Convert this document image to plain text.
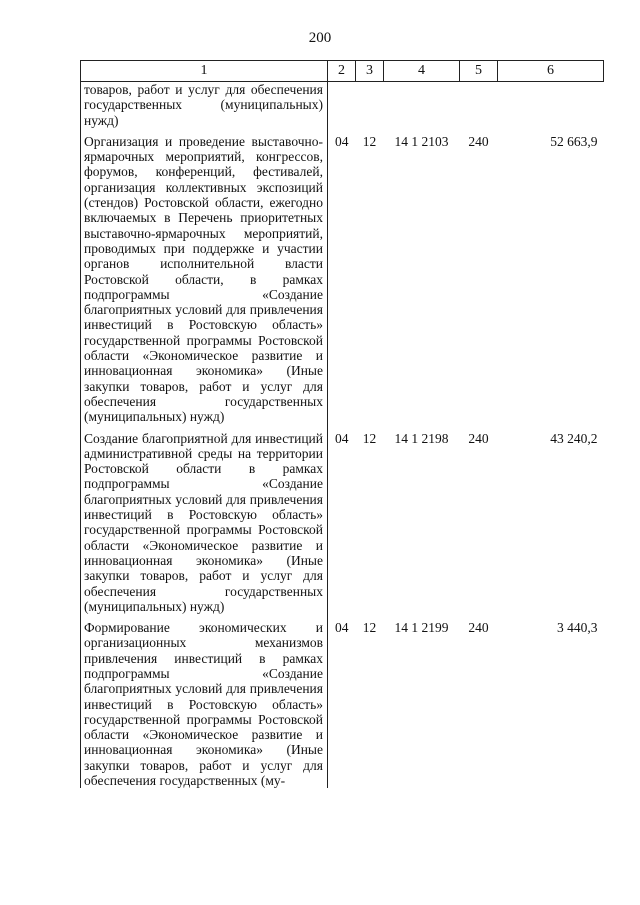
200
1	2	3	4	5	6
товаров, работ и услуг для обеспечения государственных (муниципальных) нужд)					
Организация и проведение выставочно-ярмарочных мероприятий, конгрессов, форумов, конференций, фестивалей, организация коллективных экспозиций (стендов) Ростовской области, ежегодно включаемых в Перечень приоритетных выставочно-ярмарочных мероприятий, проводимых при поддержке и участии органов исполнительной власти Ростовской области, в рамках подпрограммы «Создание благоприятных условий для привлечения инвестиций в Ростовскую область» государственной программы Ростовской области «Экономическое развитие и инновационная экономика» (Иные закупки товаров, работ и услуг для обеспечения государственных (муниципальных) нужд)	04	12	14 1 2103	240	52 663,9
Создание благоприятной для инвестиций административной среды на территории Ростовской области в рамках подпрограммы «Создание благоприятных условий для привлечения инвестиций в Ростовскую область» государственной программы Ростовской области «Экономическое развитие и инновационная экономика» (Иные закупки товаров, работ и услуг для обеспечения государственных (муниципальных) нужд)	04	12	14 1 2198	240	43 240,2
Формирование экономических и организационных механизмов привлечения инвестиций в рамках подпрограммы «Создание благоприятных условий для привлечения инвестиций в Ростовскую область» государственной программы Ростовской области «Экономическое развитие и инновационная экономика» (Иные закупки товаров, работ и услуг для обеспечения государственных (му-	04	12	14 1 2199	240	3 440,3
